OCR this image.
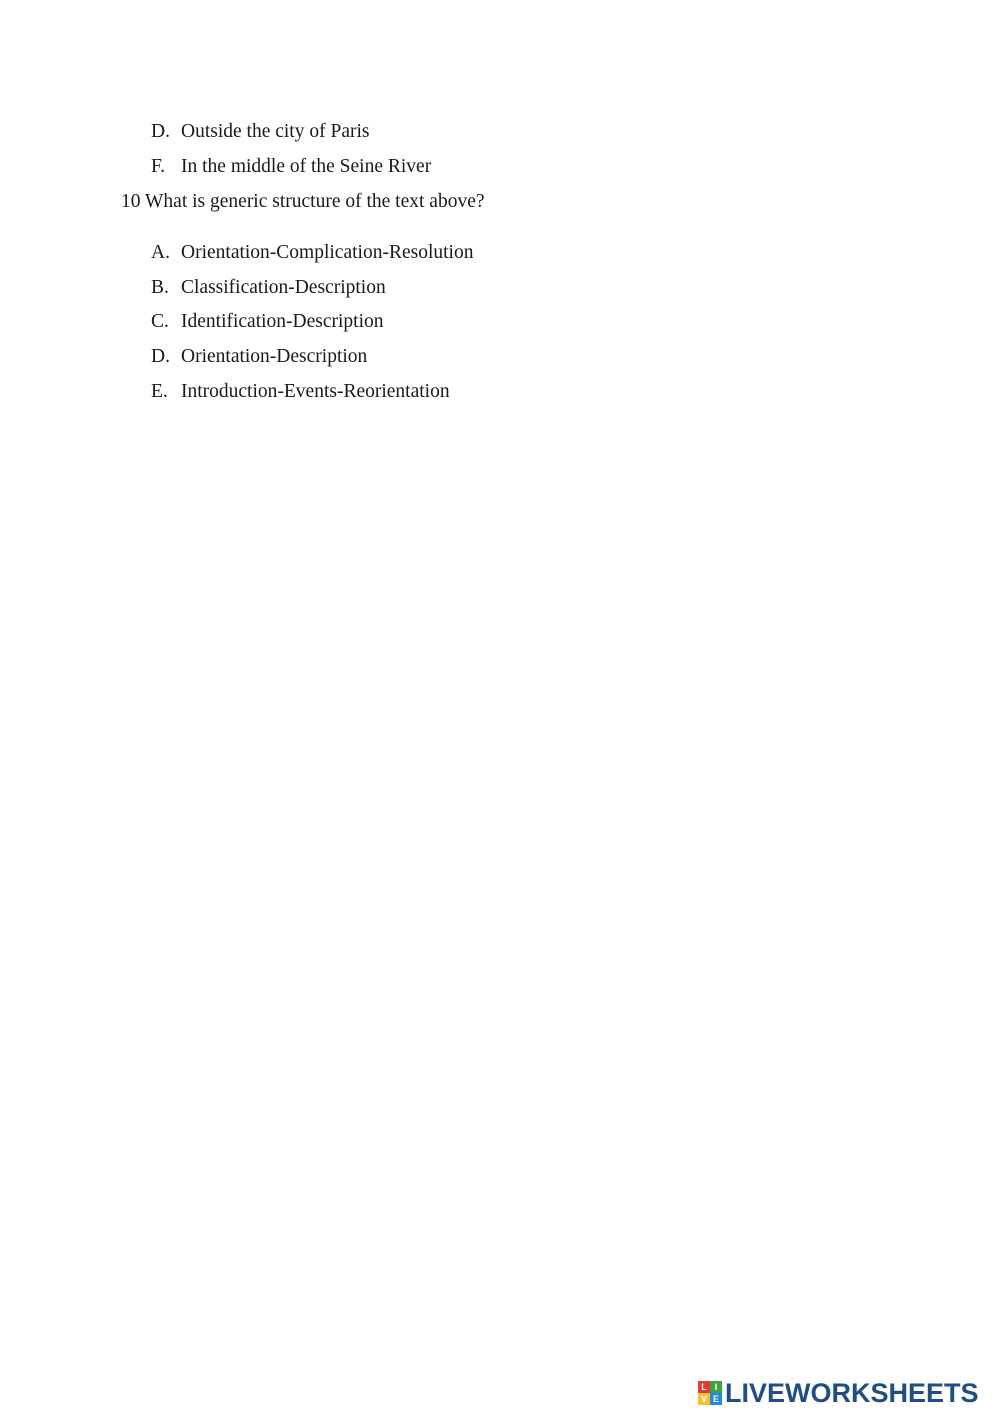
D. Outside the city of Paris
F. In the middle of the Seine River
10 What is generic structure of the text above?
A. Orientation-Complication-Resolution
B. Classification-Description
C. Identification-Description
D. Orientation-Description
E. Introduction-Events-Reorientation
L I
V E LIVEWORKSHEETS
